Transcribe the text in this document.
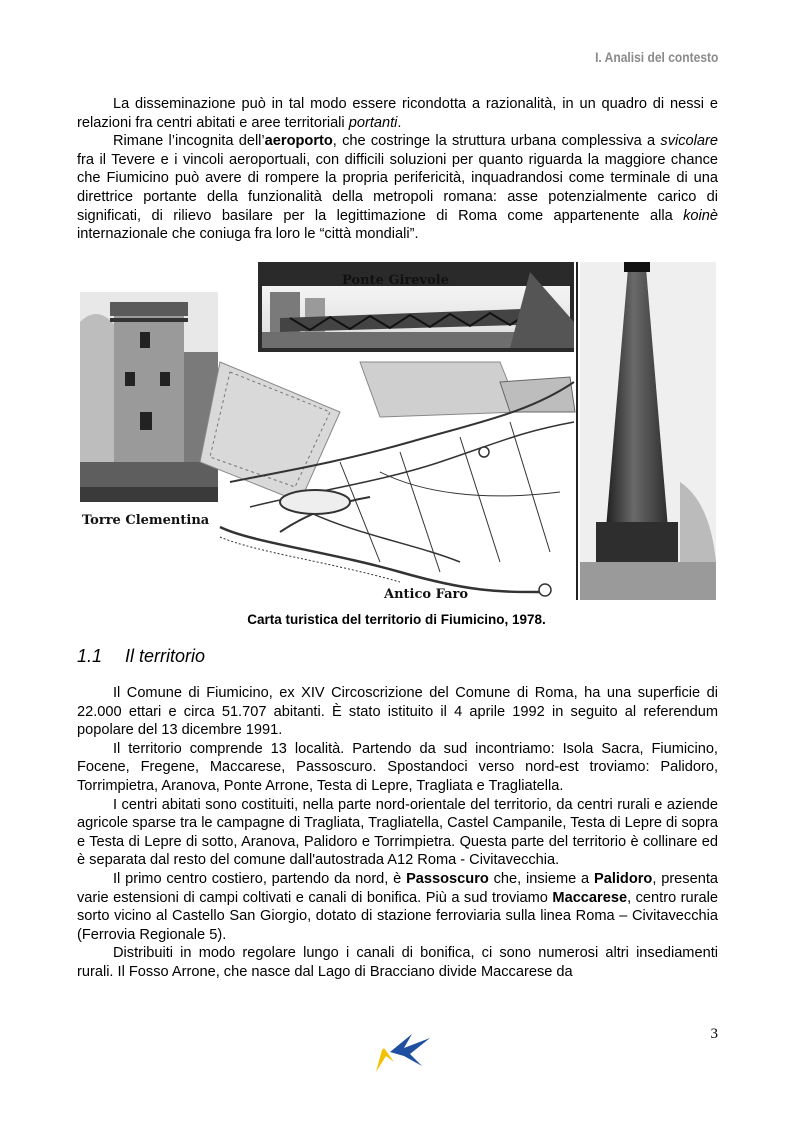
I. Analisi del contesto

La disseminazione può in tal modo essere ricondotta a razionalità, in un quadro di nessi e relazioni fra centri abitati e aree territoriali portanti.

Rimane l’incognita dell’aeroporto, che costringe la struttura urbana complessiva a svicolare fra il Tevere e i vincoli aeroportuali, con difficili soluzioni per quanto riguarda la maggiore chance che Fiumicino può avere di rompere la propria perifericità, inquadrandosi come terminale di una direttrice portante della funzionalità della metropoli romana: asse potenzialmente carico di significati, di rilievo basilare per la legittimazione di Roma come appartenente alla koinè internazionale che coniuga fra loro le “città mondiali”.

Ponte Girevole
Torre Clementina
Antico Faro
Carta turistica del territorio di Fiumicino, 1978.
1.1 Il territorio

Il Comune di Fiumicino, ex XIV Circoscrizione del Comune di Roma, ha una superficie di 22.000 ettari e circa 51.707 abitanti. È stato istituito il 4 aprile 1992 in seguito al referendum popolare del 13 dicembre 1991.

Il territorio comprende 13 località. Partendo da sud incontriamo: Isola Sacra, Fiumicino, Focene, Fregene, Maccarese, Passoscuro. Spostandoci verso nord-est troviamo: Palidoro, Torrimpietra, Aranova, Ponte Arrone, Testa di Lepre, Tragliata e Tragliatella.

I centri abitati sono costituiti, nella parte nord-orientale del territorio, da centri rurali e aziende agricole sparse tra le campagne di Tragliata, Tragliatella, Castel Campanile, Testa di Lepre di sopra e Testa di Lepre di sotto, Aranova, Palidoro e Torrimpietra. Questa parte del territorio è collinare ed è separata dal resto del comune dall'autostrada A12 Roma - Civitavecchia.

Il primo centro costiero, partendo da nord, è Passoscuro che, insieme a Palidoro, presenta varie estensioni di campi coltivati e canali di bonifica. Più a sud troviamo Maccarese, centro rurale sorto vicino al Castello San Giorgio, dotato di stazione ferroviaria sulla linea Roma – Civitavecchia (Ferrovia Regionale 5).

Distribuiti in modo regolare lungo i canali di bonifica, ci sono numerosi altri insediamenti rurali. Il Fosso Arrone, che nasce dal Lago di Bracciano divide Maccarese da

3
